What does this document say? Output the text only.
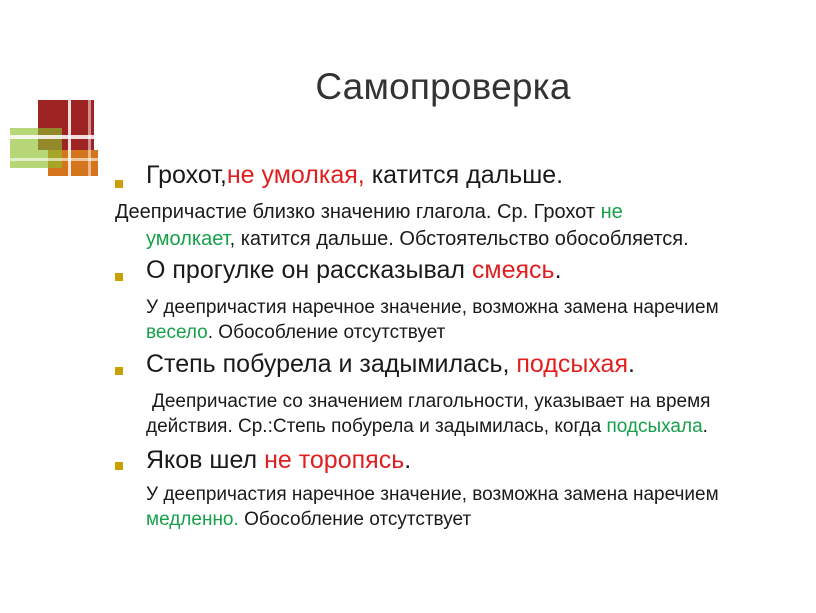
Самопроверка
Грохот,не умолкая, катится дальше.
Деепричастие близко значению глагола. Ср. Грохот не
умолкает, катится дальше. Обстоятельство обособляется.
О прогулке он рассказывал смеясь.
У деепричастия наречное значение, возможна замена наречием
весело. Обособление отсутствует
Степь побурела и задымилась, подсыхая.
Деепричастие со значением глагольности, указывает на время
действия. Ср.:Степь побурела и задымилась, когда подсыхала.
Яков шел не торопясь.
У деепричастия наречное значение, возможна замена наречием
медленно. Обособление отсутствует
